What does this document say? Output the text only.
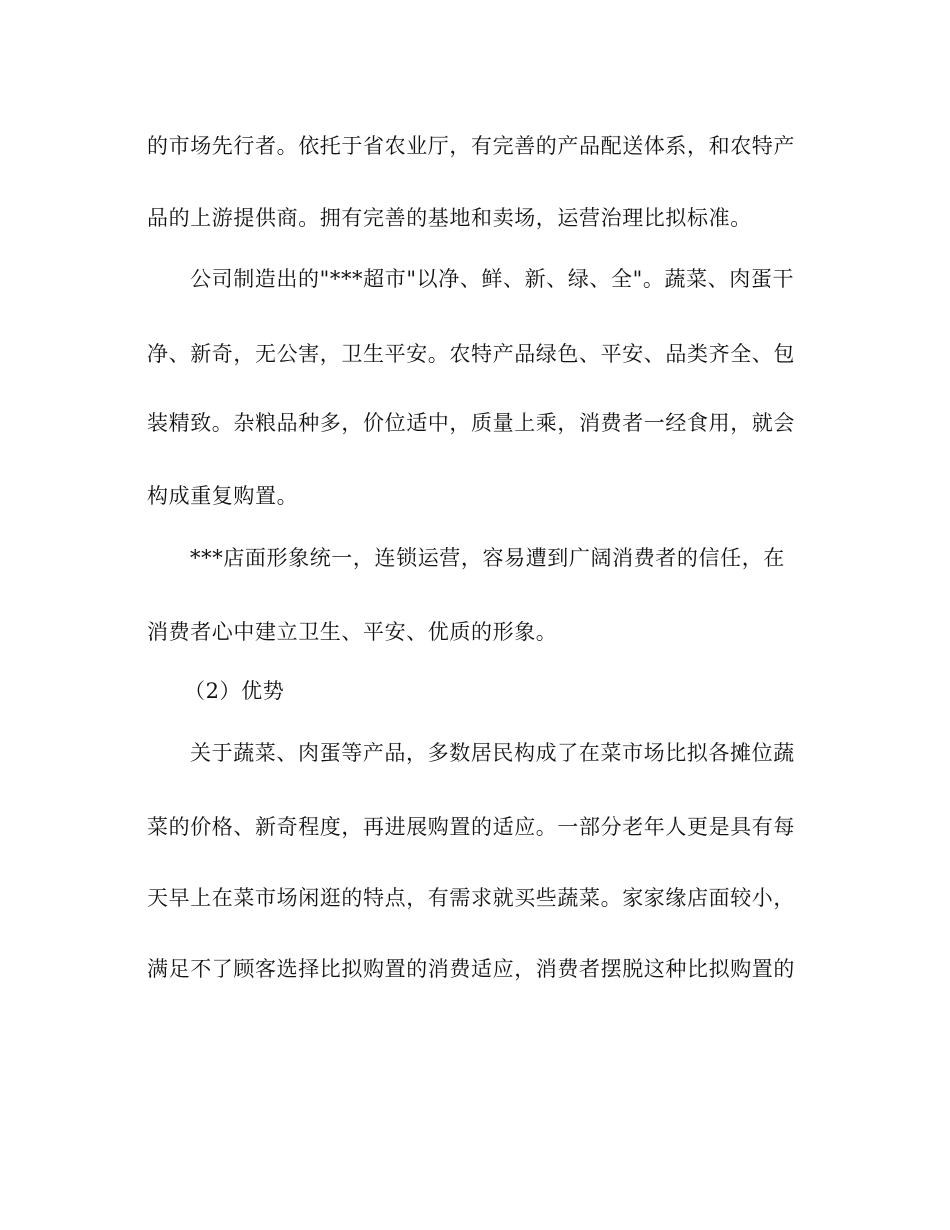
的市场先行者。依托于省农业厅，有完善的产品配送体系，和农特产
品的上游提供商。拥有完善的基地和卖场，运营治理比拟标准。
公司制造出的"***超市"以净、鲜、新、绿、全"。蔬菜、肉蛋干
净、新奇，无公害，卫生平安。农特产品绿色、平安、品类齐全、包
装精致。杂粮品种多，价位适中，质量上乘，消费者一经食用，就会
构成重复购置。
***店面形象统一，连锁运营，容易遭到广阔消费者的信任，在
消费者心中建立卫生、平安、优质的形象。
（2）优势
关于蔬菜、肉蛋等产品，多数居民构成了在菜市场比拟各摊位蔬
菜的价格、新奇程度，再进展购置的适应。一部分老年人更是具有每
天早上在菜市场闲逛的特点，有需求就买些蔬菜。家家缘店面较小，
满足不了顾客选择比拟购置的消费适应，消费者摆脱这种比拟购置的
